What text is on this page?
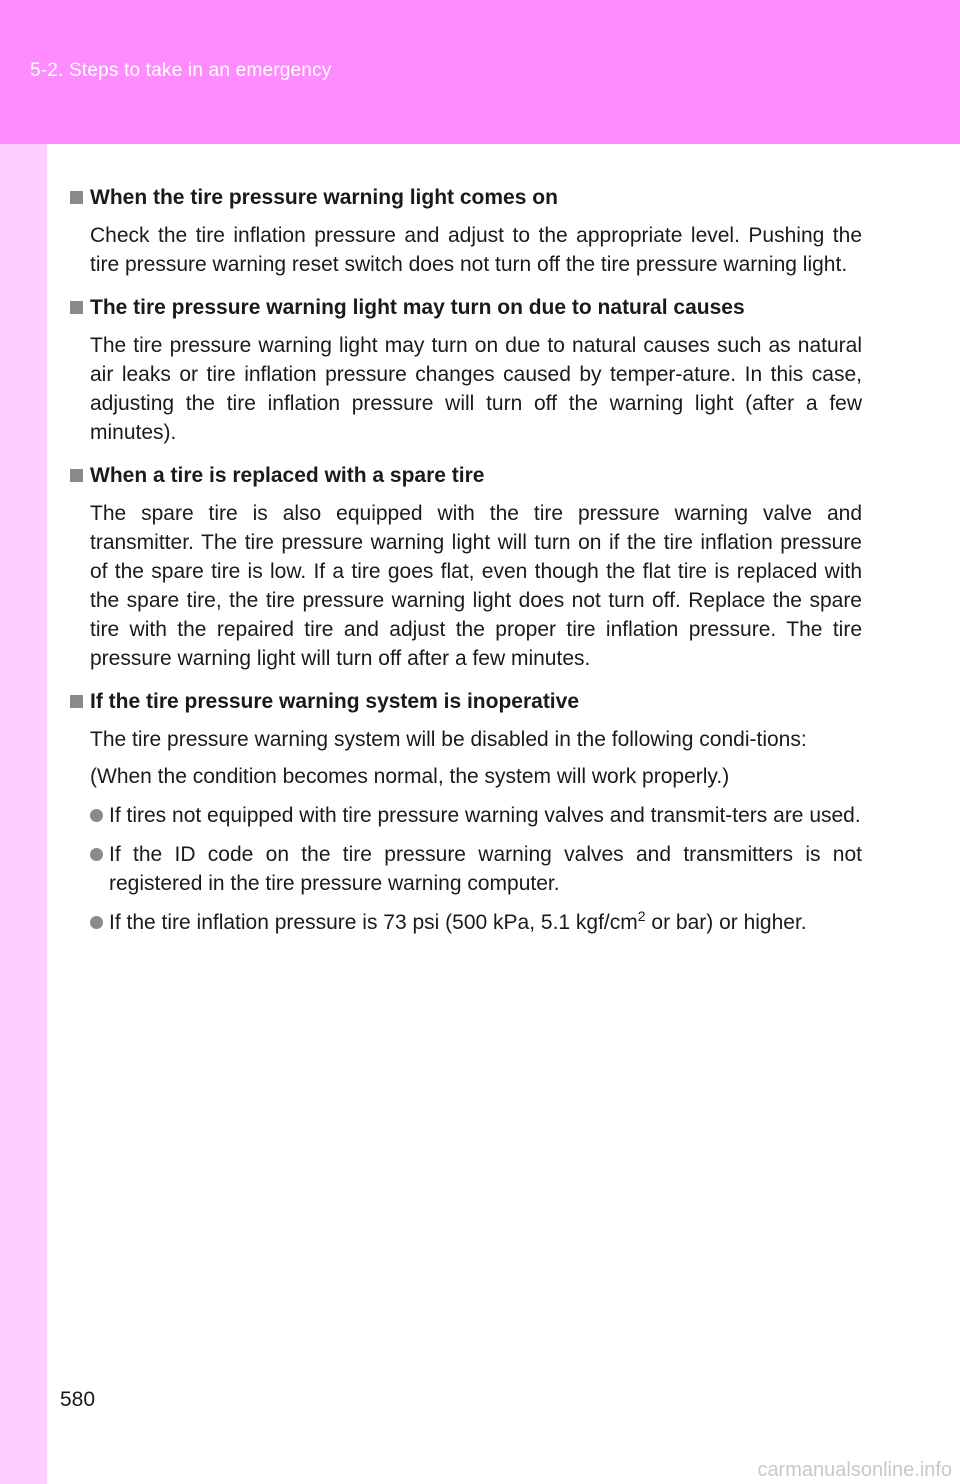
5-2. Steps to take in an emergency
When the tire pressure warning light comes on
Check the tire inflation pressure and adjust to the appropriate level. Pushing the tire pressure warning reset switch does not turn off the tire pressure warning light.
The tire pressure warning light may turn on due to natural causes
The tire pressure warning light may turn on due to natural causes such as natural air leaks or tire inflation pressure changes caused by temper-ature. In this case, adjusting the tire inflation pressure will turn off the warning light (after a few minutes).
When a tire is replaced with a spare tire
The spare tire is also equipped with the tire pressure warning valve and transmitter. The tire pressure warning light will turn on if the tire inflation pressure of the spare tire is low. If a tire goes flat, even though the flat tire is replaced with the spare tire, the tire pressure warning light does not turn off. Replace the spare tire with the repaired tire and adjust the proper tire inflation pressure. The tire pressure warning light will turn off after a few minutes.
If the tire pressure warning system is inoperative
The tire pressure warning system will be disabled in the following condi-tions:
(When the condition becomes normal, the system will work properly.)
If tires not equipped with tire pressure warning valves and transmit-ters are used.
If the ID code on the tire pressure warning valves and transmitters is not registered in the tire pressure warning computer.
If the tire inflation pressure is 73 psi (500 kPa, 5.1 kgf/$cm^2$ or bar) or higher.
580
carmanualsonline.info
